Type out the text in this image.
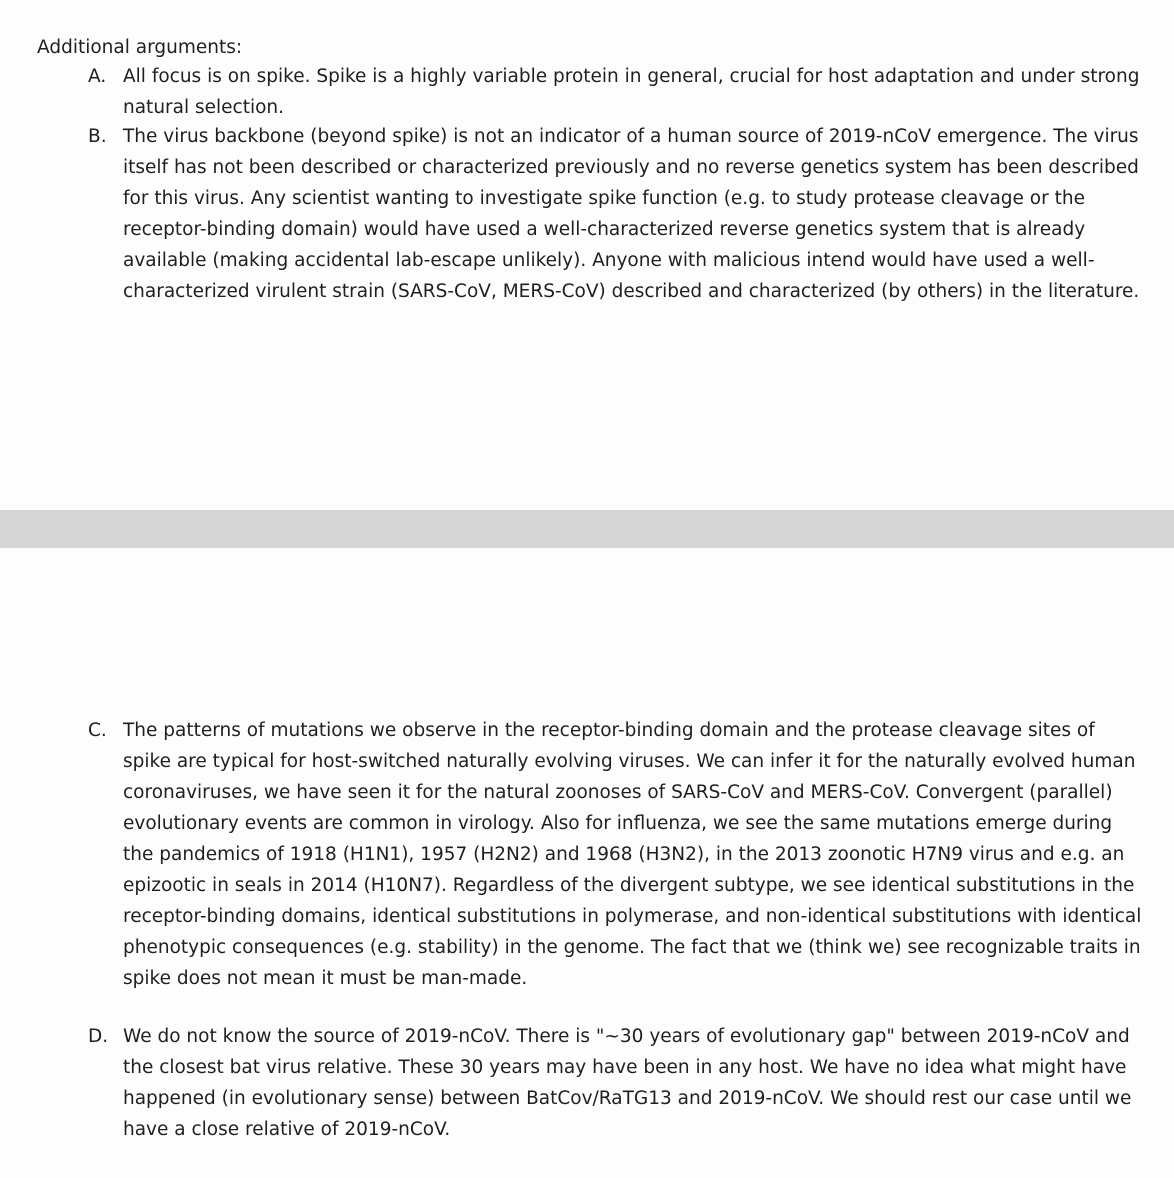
Additional arguments:

A. All focus is on spike. Spike is a highly variable protein in general, crucial for host adaptation and under strong natural selection.
B. The virus backbone (beyond spike) is not an indicator of a human source of 2019-nCoV emergence. The virus itself has not been described or characterized previously and no reverse genetics system has been described for this virus. Any scientist wanting to investigate spike function (e.g. to study protease cleavage or the receptor-binding domain) would have used a well-characterized reverse genetics system that is already available (making accidental lab-escape unlikely). Anyone with malicious intend would have used a well-characterized virulent strain (SARS-CoV, MERS-CoV) described and characterized (by others) in the literature.
C. The patterns of mutations we observe in the receptor-binding domain and the protease cleavage sites of spike are typical for host-switched naturally evolving viruses. We can infer it for the naturally evolved human coronaviruses, we have seen it for the natural zoonoses of SARS-CoV and MERS-CoV. Convergent (parallel) evolutionary events are common in virology. Also for influenza, we see the same mutations emerge during the pandemics of 1918 (H1N1), 1957 (H2N2) and 1968 (H3N2), in the 2013 zoonotic H7N9 virus and e.g. an epizootic in seals in 2014 (H10N7). Regardless of the divergent subtype, we see identical substitutions in the receptor-binding domains, identical substitutions in polymerase, and non-identical substitutions with identical phenotypic consequences (e.g. stability) in the genome. The fact that we (think we) see recognizable traits in spike does not mean it must be man-made.
D. We do not know the source of 2019-nCoV. There is "~30 years of evolutionary gap" between 2019-nCoV and the closest bat virus relative. These 30 years may have been in any host. We have no idea what might have happened (in evolutionary sense) between BatCov/RaTG13 and 2019-nCoV. We should rest our case until we have a close relative of 2019-nCoV.
